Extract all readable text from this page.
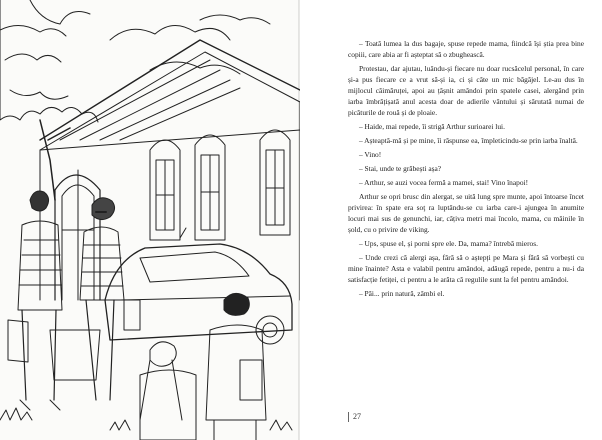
– Toată lumea la dus bagaje, spuse repede mama, fiindcă își știa prea bine copiii, care abia ar fi așteptat să o zbughească.

Protestau, dar ajutau, luându-și fiecare nu doar rucsăcelul personal, în care și-a pus fiecare ce a vrut să-și ia, ci și câte un mic băgăjel. Le-au dus în mijlocul căimăruței, apoi au țâșnit amândoi prin spatele casei, alergând prin iarba îmbrățișată anul acesta doar de adierile vântului și sărutată numai de picăturile de rouă și de ploaie.

– Haide, mai repede, îi strigă Arthur surioarei lui.

– Așteaptă-mă și pe mine, îi răspunse ea, împleticindu-se prin iarba înaltă.

– Vino!

– Stai, unde te grăbești așa?

– Arthur, se auzi vocea fermă a mamei, stai! Vino înapoi!

Arthur se opri brusc din alergat, se uită lung spre munte, apoi întoarse încet privirea: în spate era soţ ra luptându-se cu iarba care-i ajungea în anumite locuri mai sus de genunchi, iar, câțiva metri mai încolo, mama, cu mâinile în șold, cu o privire de viking.

– Ups, spuse el, și porni spre ele. Da, mama? întrebă mieros.

– Unde crezi că alergi așa, fără să o aștepți pe Mara și fără să vorbești cu mine înainte? Asta e valabil pentru amândoi, adăugă repede, pentru a nu-i da satisfacție fetiței, ci pentru a le arăta că regulile sunt la fel pentru amândoi.

– Păi... prin natură, zâmbi el.

27
